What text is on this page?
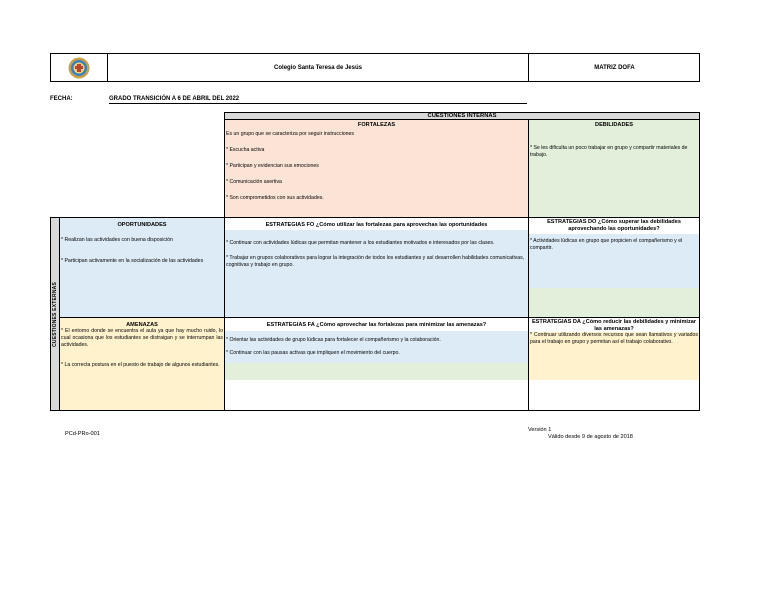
Colegio Santa Teresa de Jesús	MATRIZ DOFA
FECHA:	GRADO TRANSICIÓN A 6 DE ABRIL DEL 2022
CUESTIONES INTERNAS
FORTALEZAS
Es un grupo que se caracteriza por seguir instrucciones
* Escucha activa
* Participan y evidencian sus emociones
* Comunicación asertiva
* Son comprometidos con sus actividades.
DEBILIDADES
* Se les dificulta un poco trabajar en grupo y compartir materiales de trabajo.
CUESTIONES EXTERNAS
OPORTUNIDADES
* Realizan las actividades con buena disposición
* Participan activamente en la socialización de las actividades
ESTRATEGIAS FO ¿Cómo utilizar las fortalezas para aprovechas las oportunidades
* Continuar con actividades lúdicas que permitan mantener a los estudiantes motivados e interesados por las clases.
* Trabajar en grupos colaborativos para lograr la integración de todos los estudiantes y así desarrollen habilidades comunicativas, cognitivas y trabajo en grupo.
ESTRATEGIAS DO ¿Cómo superar las debilidades aprovechando las oportunidades?
* Actividades lúdicas en grupo que propicien el compañerismo y el compartir.
AMENAZAS
* El entorno donde se encuentra el aula ya que hay mucho ruido, lo cual ocasiona que los estudiantes se distraigan y se interrumpan las actividades.
* La correcta postura en el puesto de trabajo de algunos estudiantes.
ESTRATEGIAS FA ¿Cómo aprovechar las fortalezas para minimizar las amenazas?
* Orientar las actividades de grupo lúdicas para fortalecer el compañerismo y la colaboración.
* Continuar con las pausas activas que impliquen el movimiento del cuerpo.
ESTRATEGIAS DA ¿Cómo reducir las debilidades y minimizar las amenazas?
* Continuar utilizando diversos recursos que sean llamativos y variados para el trabajo en grupo y permitan así el trabajo colaborativo.
PCd-PRo-001
Versión 1
Válido desde 9 de agosto de 2018
